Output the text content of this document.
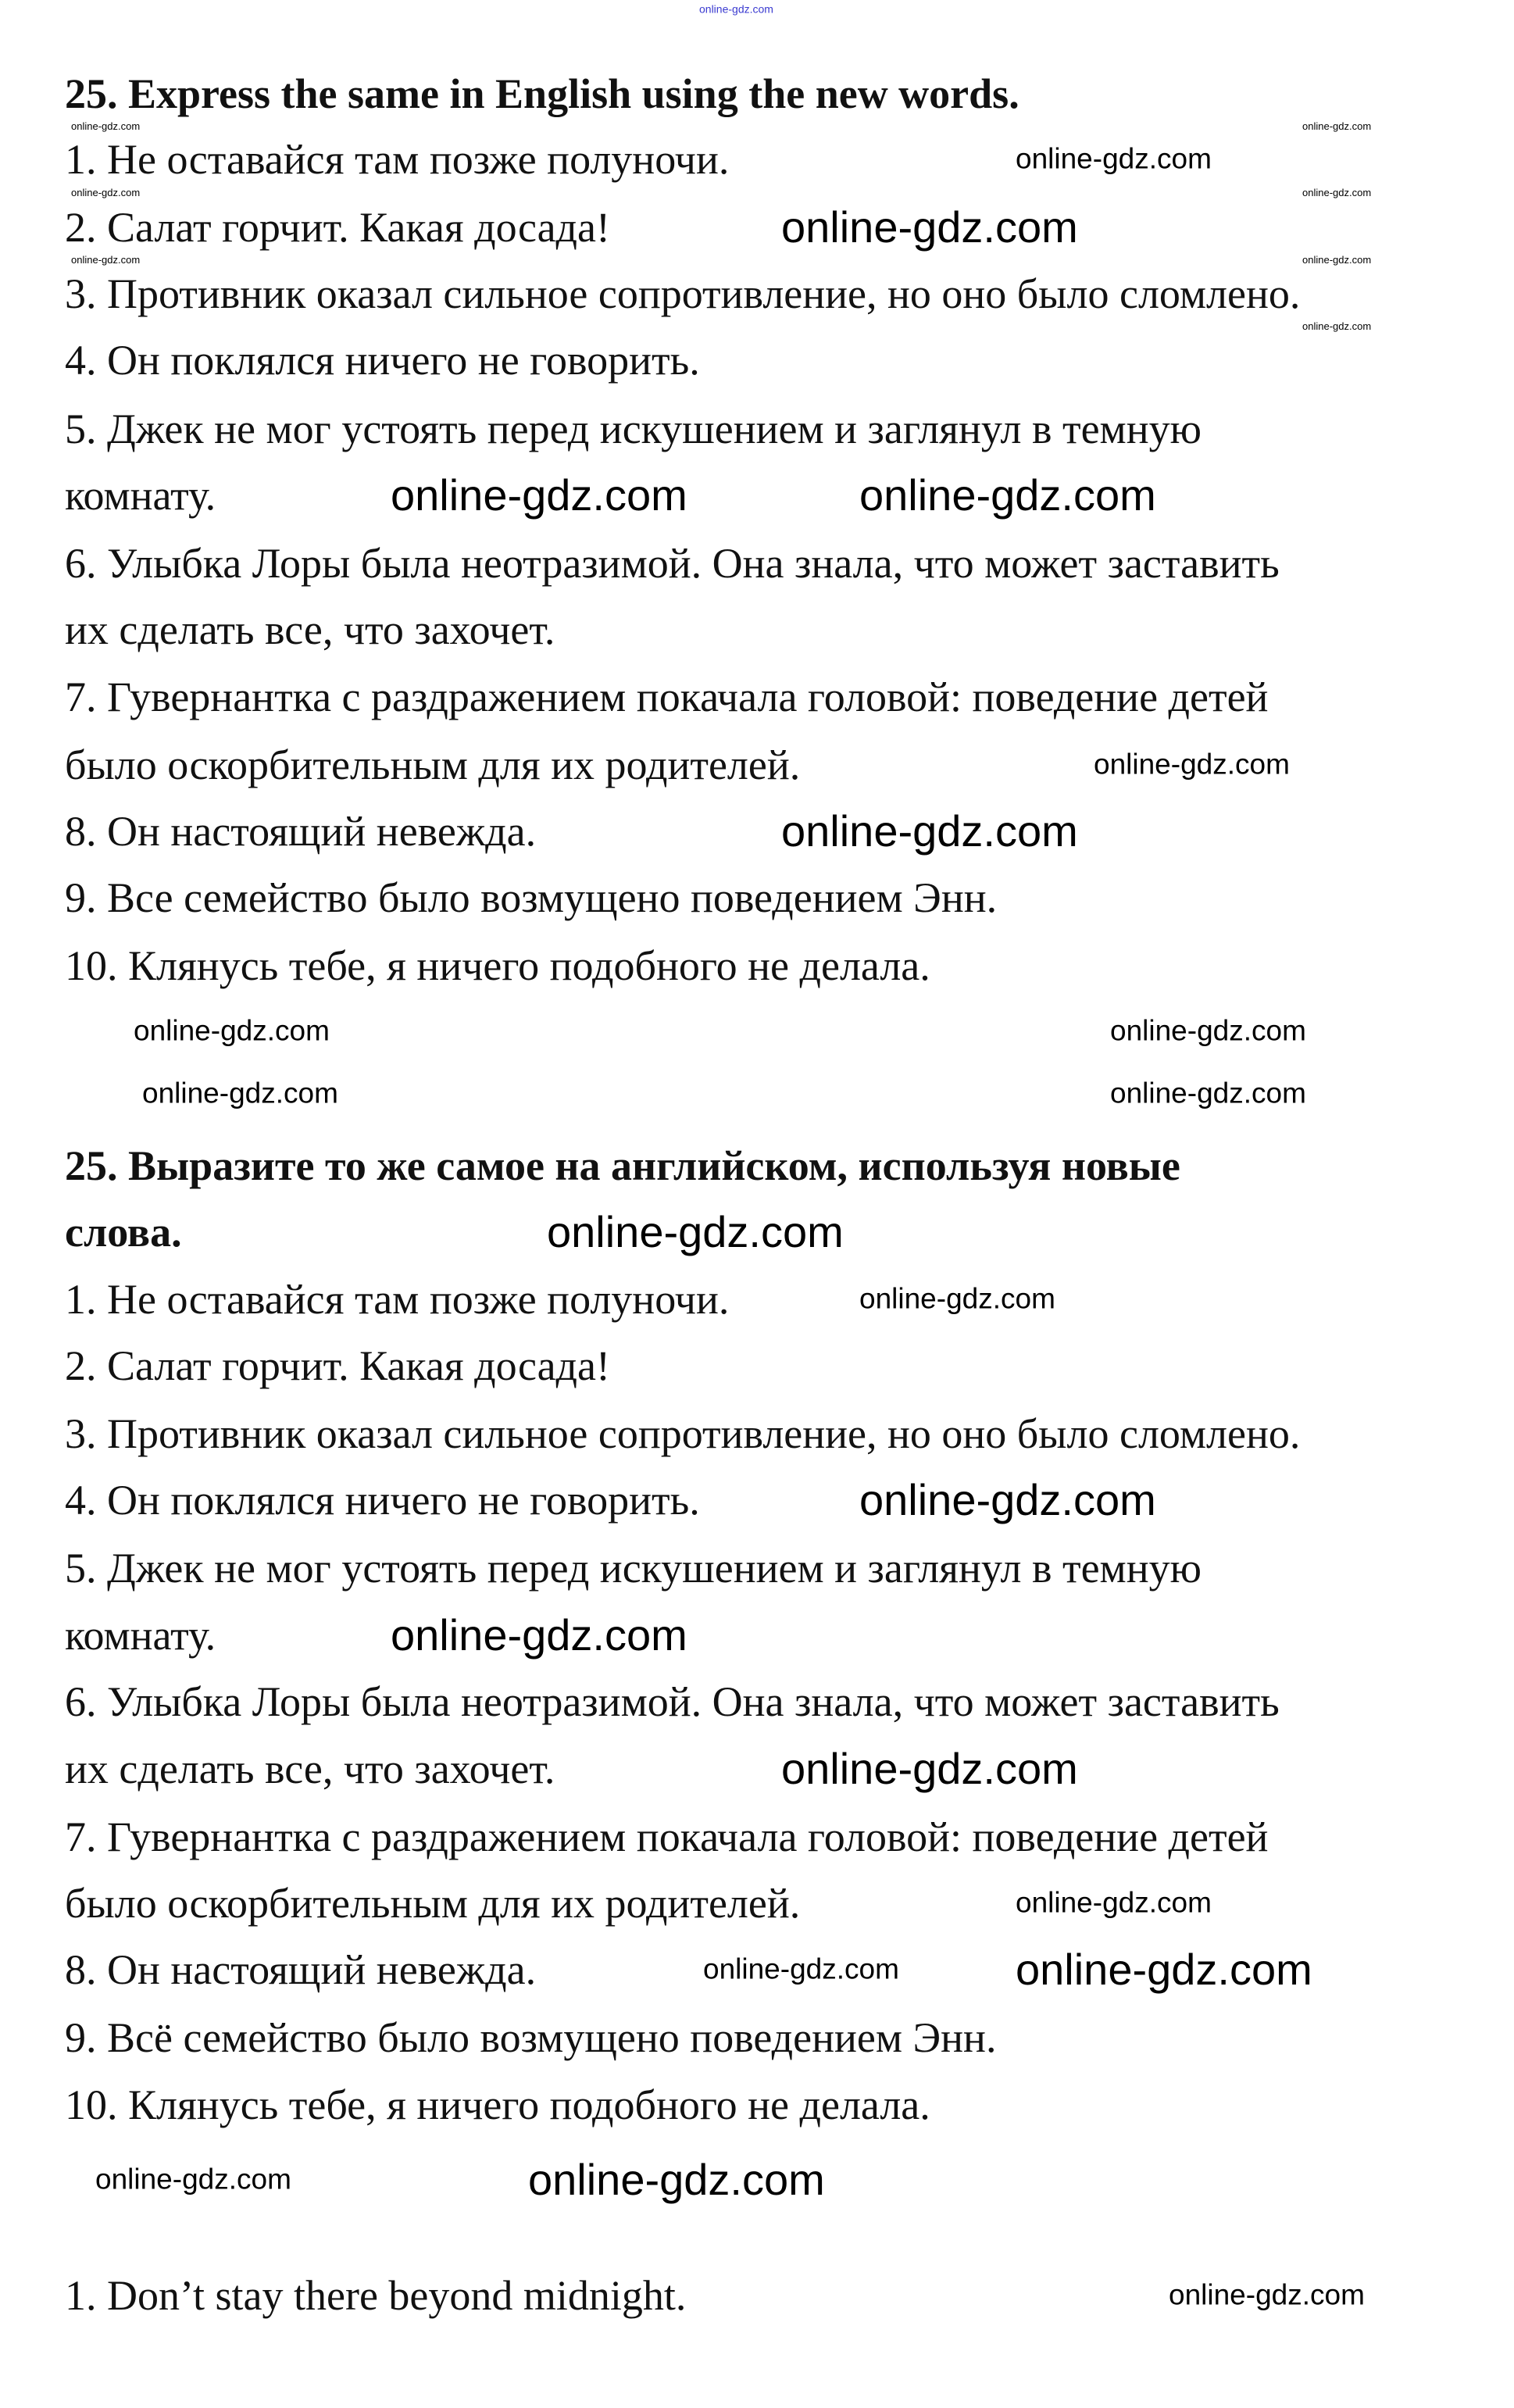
25. Express the same in English using the new words.
1. Не оставайся там позже полуночи.
2. Салат горчит. Какая досада!
3. Противник оказал сильное сопротивление, но оно было сломлено.
4. Он поклялся ничего не говорить.
5. Джек не мог устоять перед искушением и заглянул в темную
комнату.
6. Улыбка Лоры была неотразимой. Она знала, что может заставить
их сделать все, что захочет.
7. Гувернантка с раздражением покачала головой: поведение детей
было оскорбительным для их родителей.
8. Он настоящий невежда.
9. Все семейство было возмущено поведением Энн.
10. Клянусь тебе, я ничего подобного не делала.
25. Выразите то же самое на английском, используя новые
слова.
1. Не оставайся там позже полуночи.
2. Салат горчит. Какая досада!
3. Противник оказал сильное сопротивление, но оно было сломлено.
4. Он поклялся ничего не говорить.
5. Джек не мог устоять перед искушением и заглянул в темную
комнату.
6. Улыбка Лоры была неотразимой. Она знала, что может заставить
их сделать все, что захочет.
7. Гувернантка с раздражением покачала головой: поведение детей
было оскорбительным для их родителей.
8. Он настоящий невежда.
9. Всё семейство было возмущено поведением Энн.
10. Клянусь тебе, я ничего подобного не делала.
1. Don’t stay there beyond midnight.
online-gdz.com
online-gdz.com
online-gdz.com
online-gdz.com
online-gdz.com
online-gdz.com
online-gdz.com
online-gdz.com
online-gdz.com
online-gdz.com
online-gdz.com	online-gdz.com
online-gdz.com
online-gdz.com
online-gdz.com	online-gdz.com
online-gdz.com	online-gdz.com
online-gdz.com
online-gdz.com
online-gdz.com
online-gdz.com
online-gdz.com
online-gdz.com
online-gdz.com	online-gdz.com
online-gdz.com
online-gdz.com
online-gdz.com
